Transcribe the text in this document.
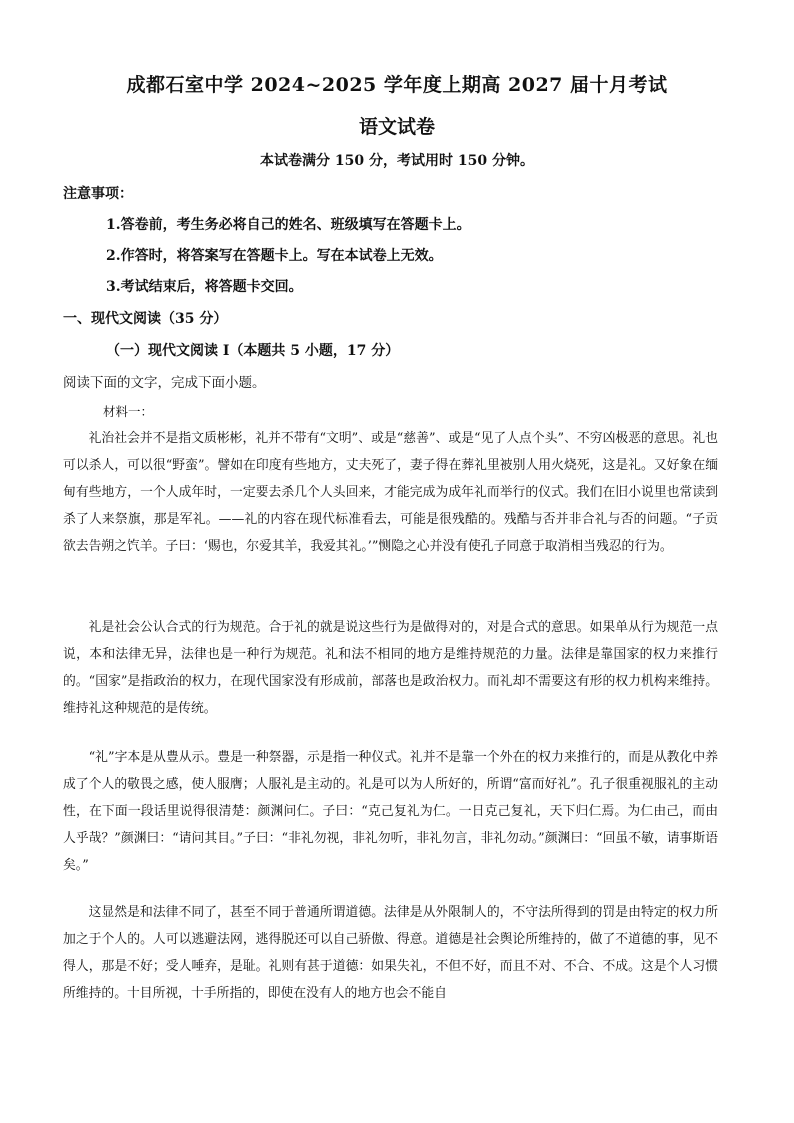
成都石室中学 2024~2025 学年度上期高 2027 届十月考试
语文试卷
本试卷满分 150 分，考试用时 150 分钟。
注意事项：
1.答卷前，考生务必将自己的姓名、班级填写在答题卡上。
2.作答时，将答案写在答题卡上。写在本试卷上无效。
3.考试结束后，将答题卡交回。
一、现代文阅读（35 分）
（一）现代文阅读 I（本题共 5 小题，17 分）
阅读下面的文字，完成下面小题。
材料一：

礼治社会并不是指文质彬彬，礼并不带有“文明”、或是“慈善”、或是“见了人点个头”、不穷凶极恶的意思。礼也可以杀人，可以很“野蛮”。譬如在印度有些地方，丈夫死了，妻子得在葬礼里被别人用火烧死，这是礼。又好象在缅甸有些地方，一个人成年时，一定要去杀几个人头回来，才能完成为成年礼而举行的仪式。我们在旧小说里也常读到杀了人来祭旗，那是军礼。——礼的内容在现代标准看去，可能是很残酷的。残酷与否并非合礼与否的问题。“子贡欲去告朔之饩羊。子曰：‘赐也，尔爱其羊，我爱其礼。’”恻隐之心并没有使孔子同意于取消相当残忍的行为。

礼是社会公认合式的行为规范。合于礼的就是说这些行为是做得对的，对是合式的意思。如果单从行为规范一点说，本和法律无异，法律也是一种行为规范。礼和法不相同的地方是维持规范的力量。法律是靠国家的权力来推行的。“国家”是指政治的权力，在现代国家没有形成前，部落也是政治权力。而礼却不需要这有形的权力机构来维持。维持礼这种规范的是传统。

“礼”字本是从豊从示。豊是一种祭器，示是指一种仪式。礼并不是靠一个外在的权力来推行的，而是从教化中养成了个人的敬畏之感，使人服膺；人服礼是主动的。礼是可以为人所好的，所谓“富而好礼”。孔子很重视服礼的主动性，在下面一段话里说得很清楚：颜渊问仁。子曰：“克己复礼为仁。一日克己复礼，天下归仁焉。为仁由己，而由人乎哉？”颜渊曰：“请问其目。”子曰：“非礼勿视，非礼勿听，非礼勿言，非礼勿动。”颜渊曰：“回虽不敏，请事斯语矣。”

这显然是和法律不同了，甚至不同于普通所谓道德。法律是从外限制人的，不守法所得到的罚是由特定的权力所加之于个人的。人可以逃避法网，逃得脱还可以自己骄傲、得意。道德是社会舆论所维持的，做了不道德的事，见不得人，那是不好；受人唾弃，是耻。礼则有甚于道德：如果失礼，不但不好，而且不对、不合、不成。这是个人习惯所维持的。十目所视，十手所指的，即使在没有人的地方也会不能自
